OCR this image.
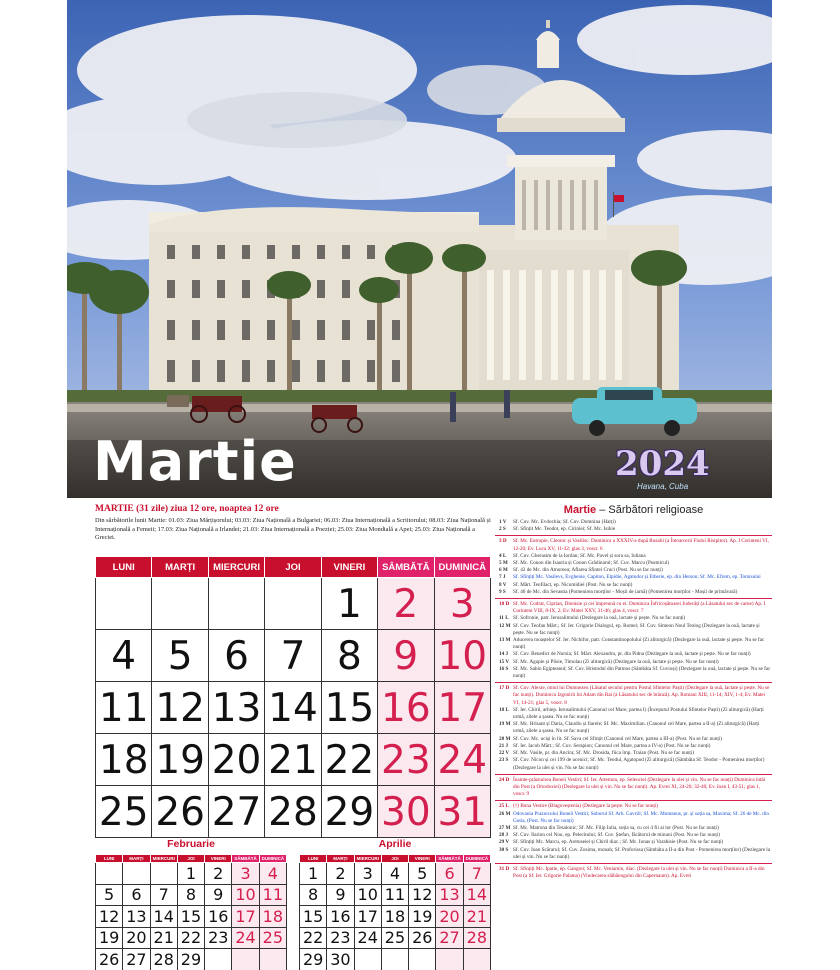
Martie	2024
Havana, Cuba
MARTIE (31 zile) ziua 12 ore, noaptea 12 ore
Din sărbătorile lunii Martie: 01.03: Ziua Mărțișorului; 03.03: Ziua Națională a Bulgariei; 06.03: Ziua Internațională a Scriitorului; 08.03: Ziua Națională și Internațională a Femeii; 17.03: Ziua Națională a Irlandei; 21.03: Ziua Internațională a Poeziei; 25.03: Ziua Mondială a Apei; 25.03: Ziua Națională a Greciei.
LUNI	MARȚI	MIERCURI	JOI	VINERI	SÂMBĂTĂ	DUMINICĂ
				1	2	3
4	5	6	7	8	9	10
11	12	13	14	15	16	17
18	19	20	21	22	23	24
25	26	27	28	29	30	31
Februarie
LUNI	MARȚI	MIERCURI	JOI	VINERI	SÂMBĂTĂ	DUMINICĂ
			1	2	3	4
5	6	7	8	9	10	11
12	13	14	15	16	17	18
19	20	21	22	23	24	25
26	27	28	29			
Aprilie
LUNI	MARȚI	MIERCURI	JOI	VINERI	SÂMBĂTĂ	DUMINICĂ
1	2	3	4	5	6	7
8	9	10	11	12	13	14
15	16	17	18	19	20	21
22	23	24	25	26	27	28
29	30					
Martie – Sărbători religioase
1 V	Sf. Cuv. Mc. Evdochia; Sf. Cuv. Domnina (Harți)
2 S	Sf. Sfințit Mc. Teodot, ep. Ciriniei; Sf. Mc. Isihie
3 D	Sf. Mc. Eutropie, Cleonic și Vasilisc. Duminica a XXXIV-a după Rusalii (a Întoarcerii Fiului Risipitor). Ap. I Corinteni VI, 12-20; Ev. Luca XV, 11-32; glas 3, voscr. 6
4 L	Sf. Cuv. Gherasim de la Iordan; Sf. Mc. Pavel și sora sa, Iuliana
5 M	Sf. Mc. Conon din Isauria și Conon Grădinarul; Sf. Cuv. Marcu (Pustnicul)
6 M	Sf. 42 de Mc. din Amoreea; Aflarea Sfintei Cruci (Post. Nu se fac nunți)
7 J	Sf. Sfințiți Mc. Vasilevs, Evghenie, Capiton, Elpidie, Agatodor și Etherie, ep. din Herson; Sf. Mc. Efrem, ep. Tomisului
8 V	Sf. Mărt. Teofilact, ep. Nicomidiei (Post. Nu se fac nunți)
9 S	Sf. 40 de Mc. din Sevastia (Pomenirea morților - Moșii de iarnă) (Pomenirea morților - Moșii de primăvară)
10 D Sf. Mc. Codrat, Ciprian, Dionisie și cei împreună cu ei. Duminica Înfricoșătoarei Judecăți (a Lăsatului sec de carne) Ap. I Corinteni VIII, 8-IX, 2; Ev. Matei XXV, 31-46; glas 4, voscr. 7
11 L Sf. Sofronie, patr. Ierusalimului (Dezlegare la ouă, lactate și pește. Nu se fac nunți)
12 M Sf. Cuv. Teofan Mărt.; Sf. Ier. Grigorie Dialogul, ep. Romei; Sf. Cuv. Simeon Noul Teolog (Dezlegare la ouă, lactate și pește. Nu se fac nunți)
13 M Aducerea moaștelor Sf. Ier. Nichifor, patr. Constantinopolului (Zi aliturgică) (Dezlegare la ouă, lactate și pește. Nu se fac nunți)
14 J Sf. Cuv. Benedict de Nursia; Sf. Mărt. Alexandru, pr. din Pidna (Dezlegare la ouă, lactate și pește. Nu se fac nunți)
15 V Sf. Mc. Agapie și Plisie, Timolau (Zi aliturgică) (Dezlegare la ouă, lactate și pește. Nu se fac nunți)
16 S Sf. Mc. Sabin Egipteanul; Sf. Cuv. Hristodul din Patmos (Sâmbăta Sf. Cuvioși) (Dezlegare la ouă, lactate și pește. Nu se fac nunți)
17 D Sf. Cuv. Alexie, omul lui Dumnezeu (Lăsatul secului pentru Postul Sfintelor Paști) (Dezlegare la ouă, lactate și pește. Nu se fac nunți). Duminica Izgonirii lui Adam din Rai (a Lăsatului sec de brânză). Ap. Romani XIII, 11-14; XIV, 1-4; Ev. Matei VI, 14-21; glas 5, voscr. 8
18 L Sf. Ier. Chiril, arhiep. Ierusalimului (Canonul cel Mare, partea I) (Începutul Postului Sfintelor Paști) (Zi aliturgică) (Harți urmă, zilele a șasea. Nu se fac nunți)
19 M Sf. Mc. Hrisant și Daria, Claudiu și fiarele; Sf. Mc. Maximilian. (Canonul cel Mare, partea a II-a) (Zi aliturgică) (Harți urmă, zilele a șasea. Nu se fac nunți)
20 M Sf. Cuv. Mc. uciși în lit. Sf. Sava cel Sfințit (Canonul cel Mare, partea a III-a) (Post. Nu se fac nunți)
21 J Sf. Ier. Iacob Mărt.; Sf. Cuv. Serapion; Canonul cel Mare, partea a IV-a) (Post. Nu se fac nunți)
22 V Sf. Mc. Vasile, pr. din Ancira; Sf. Mc. Drosida, fiica împ. Traian (Post. Nu se fac nunți)
23 S Sf. Cuv. Nicon și cei 199 de ucenici; Sf. Mc. Teodul, Agatopod (Zi aliturgică) (Sâmbăta Sf. Teodor - Pomenirea morților) (Dezlegare la ulei și vin. Nu se fac nunți)
24 D Înainte-prăznuirea Buneii Vestiri; Sf. Ier. Artemon, ep. Seleuciei (Dezlegare la ulei și vin. Nu se fac nunți) Duminica întâi din Post (a Ortodoxiei) (Dezlegare la ulei și vin. Nu se fac nunți). Ap. Evrei XI, 24-26; 32-40; Ev. Ioan I, 43-51; glas 1, voscr. 9
25 L (†) Buna Vestire (Blagoveștenia) (Dezlegare la pește. Nu se fac nunți)
26 M Odovania Praznicului Buneii Vestiri; Soborul Sf. Arh. Gavriil; Sf. Mc. Montanus, pr. și soția sa, Maxima; Sf. 26 de Mc. din Gotia, (Post. Nu se fac nunți)
27 M Sf. Mc. Matrona din Tesalonic; Sf. Mc. Filip Iulia, soția sa, cu cei 4 fii ai lor (Post. Nu se fac nunți)
28 J Sf. Cuv. Ilarion cel Nou, ep. Pelecitului; Sf. Cuv. Ștefan, făcătorul de minuni (Post. Nu se fac nunți)
29 V Sf. Sfințiți Mc. Marcu, ep. Aretuseiei și Chiril diac.; Sf. Mc. Ionas și Varahisie (Post. Nu se fac nunți)
30 S Sf. Cuv. Ioan Scărarul; Sf. Cuv. Zosima, monah; Sf. Proforissa (Sâmbăta a II-a din Post - Pomenirea morților) (Dezlegare la ulei și vin. Nu se fac nunți)
31 D Sf. Sfințiți Mc. Ipatie, ep. Gangrei; Sf. Mc. Veniamin, diac. (Dezlegare la ulei și vin. Nu se fac nunți) Duminica a II-a din Post (a Sf. Ier. Grigorie Palama) (Vindecarea slăbănogului din Capernaum). Ap. Evrei
